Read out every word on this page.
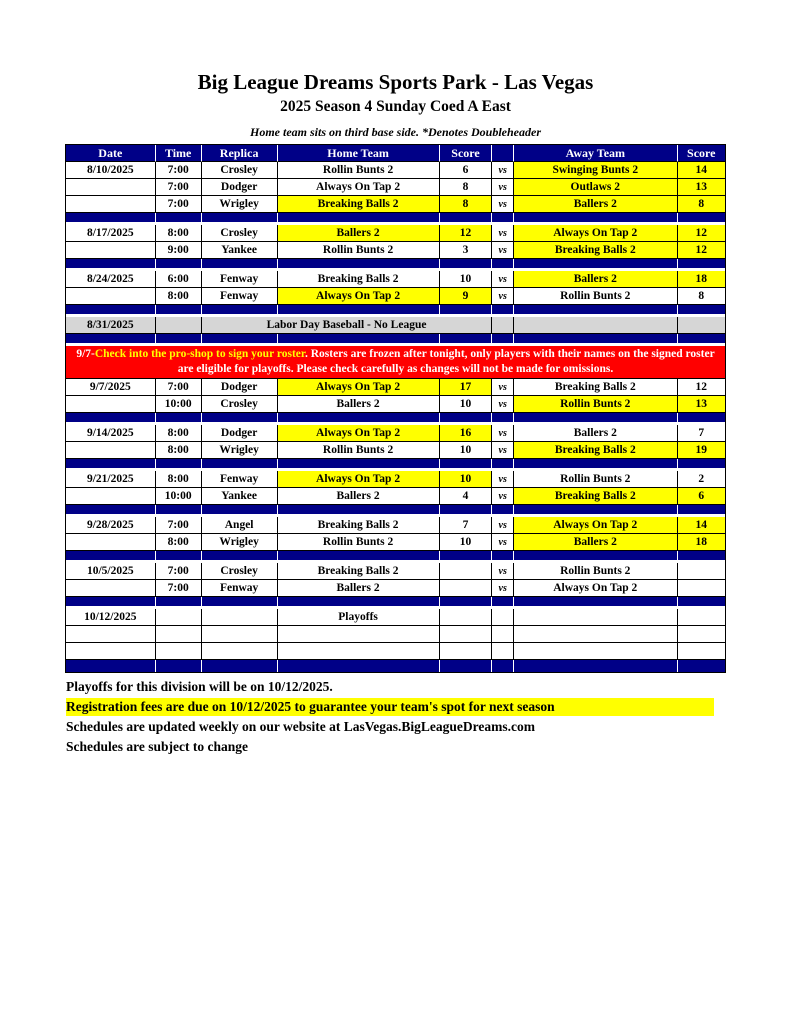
Big League Dreams Sports Park - Las Vegas
2025 Season 4 Sunday Coed A East
Home team sits on third base side. *Denotes Doubleheader
Date	Time	Replica	Home Team	Score		Away Team	Score
8/10/2025	7:00	Crosley	Rollin Bunts 2	6	vs	Swinging Bunts 2	14
	7:00	Dodger	Always On Tap 2	8	vs	Outlaws 2	13
	7:00	Wrigley	Breaking Balls 2	8	vs	Ballers 2	8

8/17/2025	8:00	Crosley	Ballers 2	12	vs	Always On Tap 2	12
	9:00	Yankee	Rollin Bunts 2	3	vs	Breaking Balls 2	12

8/24/2025	6:00	Fenway	Breaking Balls 2	10	vs	Ballers 2	18
	8:00	Fenway	Always On Tap 2	9	vs	Rollin Bunts 2	8

8/31/2025		Labor Day Baseball - No League					

9/7-Check into the pro-shop to sign your roster. Rosters are frozen after tonight, only players with their names on the signed roster are eligible for playoffs. Please check carefully as changes will not be made for omissions.							
9/7/2025	7:00	Dodger	Always On Tap 2	17	vs	Breaking Balls 2	12
	10:00	Crosley	Ballers 2	10	vs	Rollin Bunts 2	13

9/14/2025	8:00	Dodger	Always On Tap 2	16	vs	Ballers 2	7
	8:00	Wrigley	Rollin Bunts 2	10	vs	Breaking Balls 2	19

9/21/2025	8:00	Fenway	Always On Tap 2	10	vs	Rollin Bunts 2	2
	10:00	Yankee	Ballers 2	4	vs	Breaking Balls 2	6

9/28/2025	7:00	Angel	Breaking Balls 2	7	vs	Always On Tap 2	14
	8:00	Wrigley	Rollin Bunts 2	10	vs	Ballers 2	18

10/5/2025	7:00	Crosley	Breaking Balls 2		vs	Rollin Bunts 2	
	7:00	Fenway	Ballers 2		vs	Always On Tap 2	

10/12/2025			Playoffs				

Playoffs for this division will be on 10/12/2025.
Registration fees are due on 10/12/2025 to guarantee your team's spot for next season
Schedules are updated weekly on our website at LasVegas.BigLeagueDreams.com
Schedules are subject to change
